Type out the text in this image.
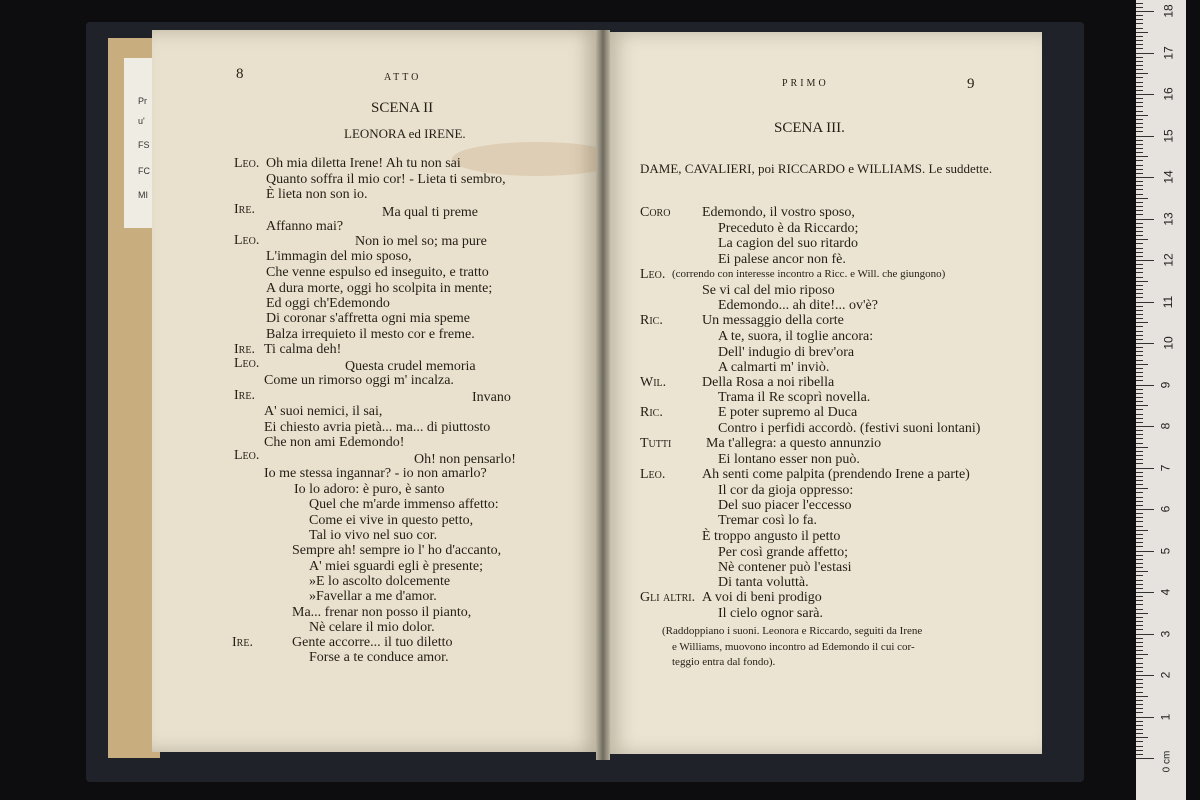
Pr
u'
FS
FC
MI
8	ATTO
SCENA II
LEONORA ed IRENE.
Leo. Oh mia diletta Irene! Ah tu non sai
Quanto soffra il mio cor! - Lieta ti sembro,
È lieta non son io.
Ire.	Ma qual ti preme
Affanno mai?
Leo.	Non io mel so; ma pure
L'immagin del mio sposo,
Che venne espulso ed inseguito, e tratto
A dura morte, oggi ho scolpita in mente;
Ed oggi ch'Edemondo
Di coronar s'affretta ogni mia speme
Balza irrequieto il mesto cor e freme.
Ire. Ti calma deh!
Leo.	Questa crudel memoria
Come un rimorso oggi m' incalza.
Ire.	Invano
A' suoi nemici, il sai,
Ei chiesto avria pietà... ma... di piuttosto
Che non ami Edemondo!
Leo.	Oh! non pensarlo!
Io me stessa ingannar? - io non amarlo?
Io lo adoro: è puro, è santo
Quel che m'arde immenso affetto:
Come ei vive in questo petto,
Tal io vivo nel suo cor.
Sempre ah! sempre io l' ho d'accanto,
A' miei sguardi egli è presente;
»E lo ascolto dolcemente
»Favellar a me d'amor.
Ma... frenar non posso il pianto,
Nè celare il mio dolor.
Ire.	Gente accorre... il tuo diletto
Forse a te conduce amor.
PRIMO	9
SCENA III.
DAME, CAVALIERI, poi RICCARDO e WILLIAMS. Le suddette.
Coro Edemondo, il vostro sposo,
Preceduto è da Riccardo;
La cagion del suo ritardo
Ei palese ancor non fè.
Leo. (correndo con interesse incontro a Ricc. e Will. che giungono)
Se vi cal del mio riposo
Edemondo... ah dite!... ov'è?
Ric.	Un messaggio della corte
A te, suora, il toglie ancora:
Dell' indugio di brev'ora
A calmarti m' inviò.
Wil.	Della Rosa a noi ribella
Trama il Re scoprì novella.
Ric.	E poter supremo al Duca
Contro i perfidi accordò. (festivi suoni lontani)
Tutti Ma t'allegra: a questo annunzio
Ei lontano esser non può.
Leo.	Ah senti come palpita (prendendo Irene a parte)
Il cor da gioja oppresso:
Del suo piacer l'eccesso
Tremar così lo fa.
È troppo angusto il petto
Per così grande affetto;
Nè contener può l'estasi
Di tanta voluttà.
Gli altri. A voi di beni prodigo
Il cielo ognor sarà.
(Raddoppiano i suoni. Leonora e Riccardo, seguiti da Irene
e Williams, muovono incontro ad Edemondo il cui cor-
teggio entra dal fondo).
0 cm
1
2
3
4
5
6
7
8
9
10
11
12
13
14
15
16
17
18
